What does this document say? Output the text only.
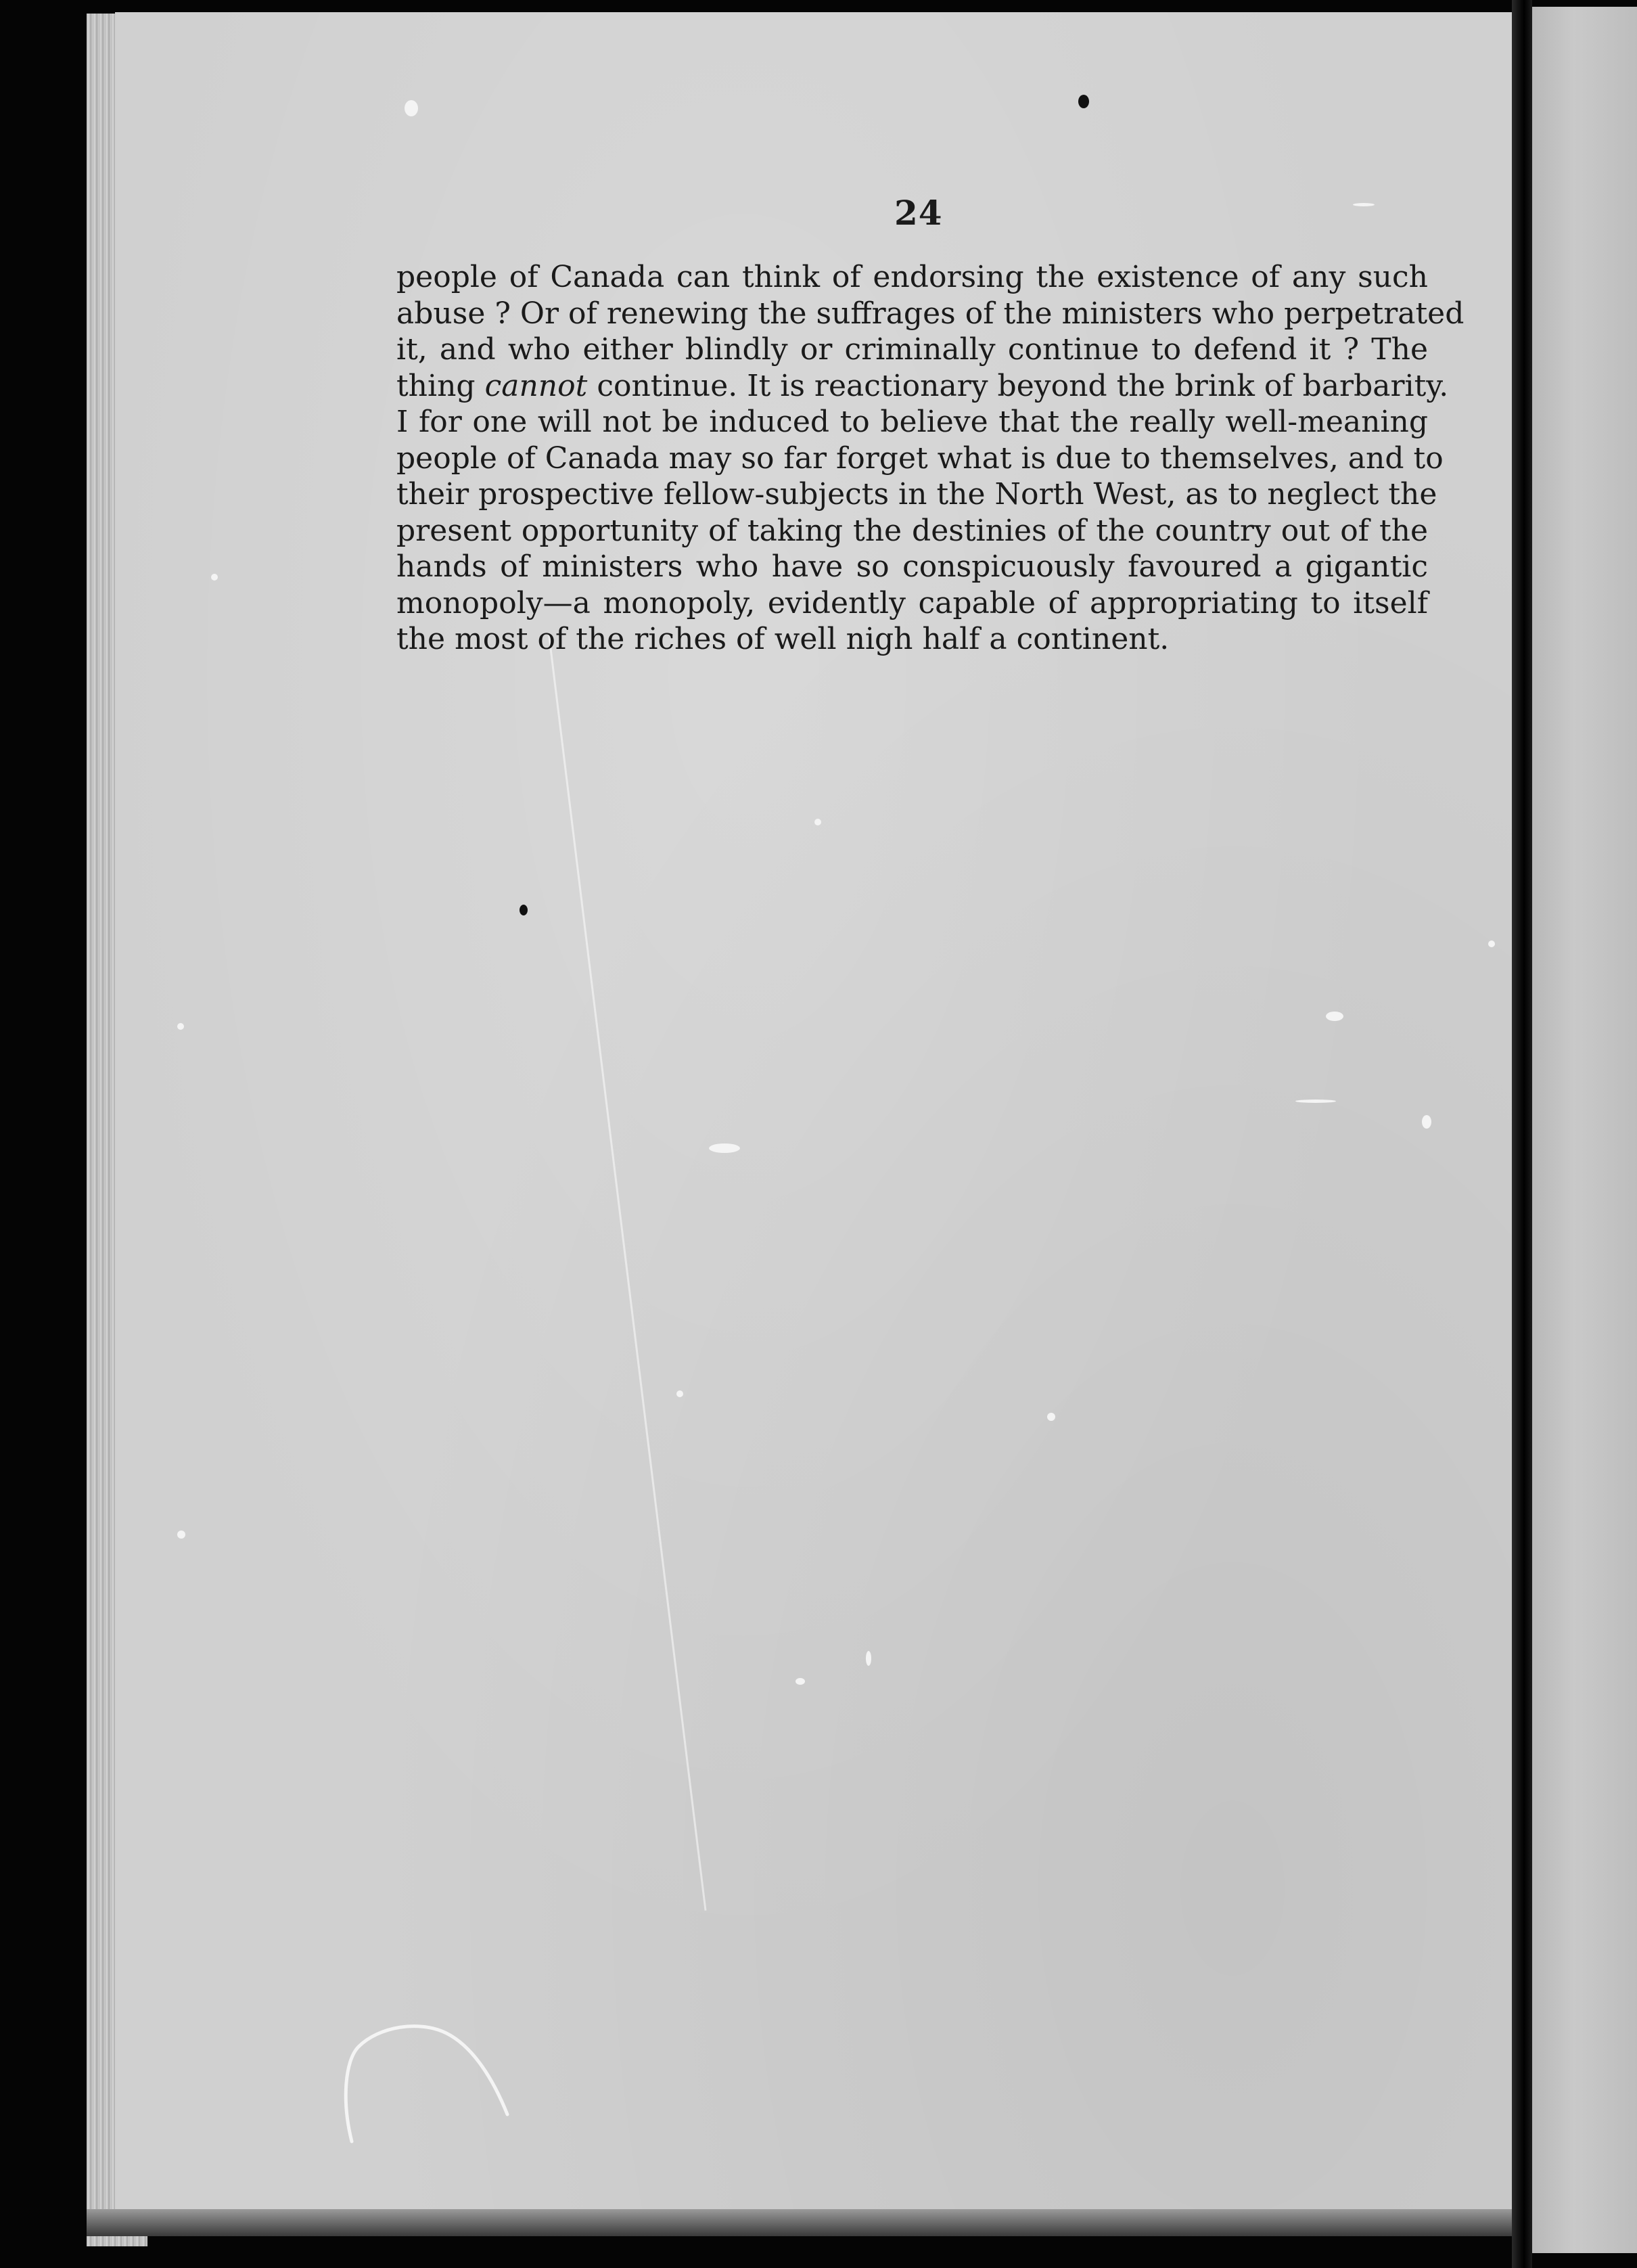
24
people of Canada can think of endorsing the existence of any such
abuse ? Or of renewing the suffrages of the ministers who perpetrated
it, and who either blindly or criminally continue to defend it ? The
thing cannot continue. It is reactionary beyond the brink of barbarity.
I for one will not be induced to believe that the really well-meaning
people of Canada may so far forget what is due to themselves, and to
their prospective fellow-subjects in the North West, as to neglect the
present opportunity of taking the destinies of the country out of the
hands of ministers who have so conspicuously favoured a gigantic
monopoly—a monopoly, evidently capable of appropriating to itself
the most of the riches of well nigh half a continent.
